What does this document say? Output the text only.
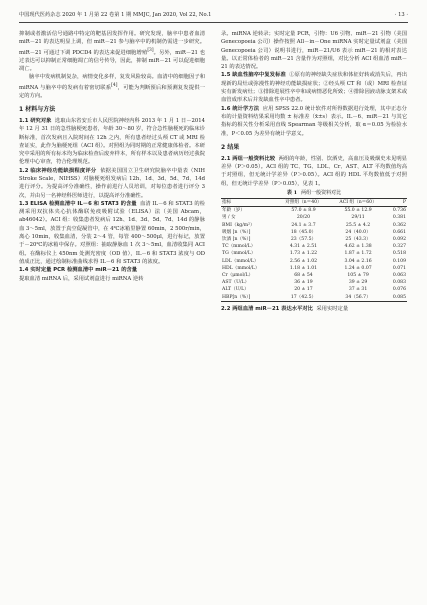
中国现代医药杂志 2020 年 1 月第 22 卷第 1 期 MMJC, Jan 2020, Vol 22, No.1	· 13 ·

抑制或者激活信号通路中特定的靶基因发挥作用。研究发现，脑卒中患者血清 miR－21 的表达明显上调，但 miR－21 参与脑卒中的机制仍需进一步研究。miR－21 可通过下调 PDCD4 的表达来促进细胞增殖[3]。另外，miR－21 也过表达可以抑制正常细胞凋亡的信号传导，因此，抑制 miR－21 可以促进细胞凋亡。

脑卒中发病机制复杂，病情变化多样，复发风险较高。血清中的细胞因子和 miRNA 与脑卒中的发病有着密切联系[4]，可能为判断预后和预测复发提供一定的方向。

1 材料与方法

1.1 研究对象 选取山东省安丘市人民医院神经内科 2013 年 1 月 1 日－2014 年 12 月 31 日的急性脑梗死患者，年龄 30～80 岁，符合急性脑梗死的临床诊断标准，首次发病且入院时间在 12h 之内，所有患者经过头颅 CT 或 MRI 检查证实，此作为脑梗死组（ACI 组）。对照组为同时期的正常健康体检者。本研究中采用的所有标本均为临床检查后废弃样本，所有样本以及患者病历经过我院伦理中心审查，符合伦理规范。

1.2 临床神经功能缺损程度评分 依据美国国立卫生研究院脑卒中量表（NIH Stroke Scale，NIHSS）对脑梗死组发病后 12h、1d、3d、5d、7d、14d 进行评分。为提高评分准确性，操作前进行人员培训，对每位患者进行评分 3 次，并由另一名神经科医师进行，以提高评分准确性。

1.3 ELISA 检测血清中 IL－6 和 STAT3 的含量 血清 IL－6 和 STAT3 的检测采用双抗体夹心抗体酶联免疫吸附试验（ELISA）法（美国 Abcam，ab46042）。ACI 组：收集患者发病后 12h、1d、3d、5d、7d、14d 的静脉血 3～5ml，放置于真空促凝管中，在 4℃冰箱里静置 60min，2 500r/min，离心 10min，收集血清，分装 2～4 管，每管 400～500μl，进行标记，放置于－20℃的冰箱中保存。对照组：抽取静脉血 1 次 3～5ml，血清收集同 ACI 组。在酶标仪上 450nm 处测光密度（OD 值），IL－6 和 STAT3 浓度与 OD 值成正比，通过绘制标准曲线求得 IL－6 和 STAT3 的浓度。

1.4 实时定量 PCR 检测血清中 miR－21 的含量
提取血清 miRNA 后，采用试剂盒进行 miRNA 逆转

录。miRNA 逆转录；实时定量 PCR，引物：U6 引物、miR－21 引物（美国 Genecopoeia 公司）操作按照 All－in－One miRNA 实时定量试剂盒（美国 Genecopoeia 公司）说明书进行，miR－21/U6 表示 miR－21 的相对表达量。以正常体检者的 miR－21 含量作为对照组，对比分析 ACI 组血清 miR－21 的表达情况。

1.5 缺血性脑卒中复发标准 ①原有的神经缺失症状和体征好转或消失后，再出现新的局灶或弥漫性的神经功能缺损症状；②经头颅 CT 和（或）MRI 检查证实有新发病灶；③排除进展性卒中和或病情恶化所致；④排除因液动脉支架术或血管成形术后并发缺血性卒中患者。

1.6 统计学方法 应用 SPSS 22.0 统计软件对所得数据进行处理，其中正态分布的计量资料结果采用均数 ± 标准差（x̄±s）表示。IL－6、miR－21 与其它指标的相关性分析采用直线 Spearman 等级相关分析，取 α＝0.05 为检验水准，P＜0.05 为差异有统计学意义。

2 结果

2.1 两组一般资料比较 两组的年龄，性别、饮酒史，高血压及吸烟史未见明显差异（P＞0.05）。ACI 组的 TC、TG、LDL、Cr、AST、ALT 平均数值均高于对照组，但无统计学差异（P＞0.05）。ACI 组的 HDL 平均数值低于对照组，但无统计学差异（P＞0.05），见表 1。

表 1 两组一般资料对比
指标	对照组（n＝40）	ACI 组（n＝60）	P
年龄（岁）	57.0 ± 8.9	55.0 ± 12.9	0.736
男 / 女	20/20	29/11	0.381
BMI（kg/m²）	24.1 ± 3.7	25.5 ± 4.2	0.362
吸烟 [n（%）]	18（45.0）	24（40.0）	0.661
饮酒 [n（%）]	23（57.5）	25（43.3）	0.092
TC（mmol/L）	4.31 ± 2.51	4.62 ± 1.38	0.327
TG（mmol/L）	1.73 ± 1.22	1.87 ± 1.72	0.518
LDL（mmol/L）	2.56 ± 1.02	3.04 ± 2.16	0.109
HDL（mmol/L）	1.18 ± 1.01	1.24 ± 0.07	0.071
Cr（μmol/L）	68 ± 54	105 ± 79	0.063
AST（U/L）	36 ± 19	39 ± 29	0.083
ALT（U/L）	20 ± 17	37 ± 31	0.076
HBP[n（%）]	17（42.5）	34（56.7）	0.085

2.2 两组血清 miR－21 表达水平对比 采用实时定量
